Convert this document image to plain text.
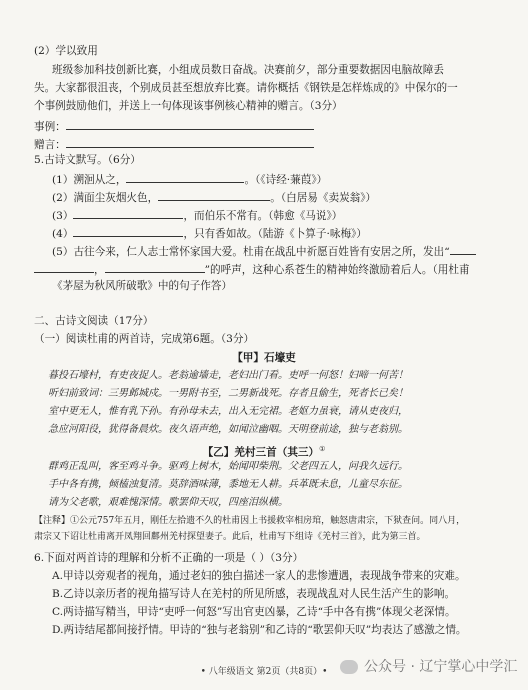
(2）学以致用
班级参加科技创新比赛，小组成员数日奋战。决赛前夕，部分重要数据因电脑故障丢
失。大家都很沮丧，个别成员甚至想放弃比赛。请你概括《钢铁是怎样炼成的》中保尔的一
个事例鼓励他们，并送上一句体现该事例核心精神的赠言。（3分）
事例：
赠言：
5.古诗文默写。（6分）
(1）溯洄从之，	。（《诗经·蒹葭》）
(2）满面尘灰烟火色，	。（白居易《卖炭翁》）
(3）	，而伯乐不常有。（韩愈《马说》）
(4）	，只有香如故。（陆游《卜算子·咏梅》）
(5）古往今来，仁人志士常怀家国大爱。杜甫在战乱中祈愿百姓皆有安居之所，发出“
，	”的呼声，这种心系苍生的精神始终激励着后人。（用杜甫
《茅屋为秋风所破歌》中的句子作答）
二、古诗文阅读（17分）
（一）阅读杜甫的两首诗，完成第6题。（3分）
【甲】石壕吏
暮投石壕村，有吏夜捉人。老翁逾墙走，老妇出门看。吏呼一何怒！妇啼一何苦！
听妇前致词：三男邺城戍。一男附书至，二男新战死。存者且偷生，死者长已矣！
室中更无人，惟有乳下孙。有孙母未去，出入无完裙。老妪力虽衰，请从吏夜归，
急应河阳役，犹得备晨炊。夜久语声绝，如闻泣幽咽。天明登前途，独与老翁别。
【乙】羌村三首（其三）①
群鸡正乱叫，客至鸡斗争。驱鸡上树木，始闻叩柴荆。父老四五人，问我久远行。
手中各有携，倾榼浊复清。莫辞酒味薄，黍地无人耕。兵革既未息，儿童尽东征。
请为父老歌，艰难愧深情。歌罢仰天叹，四座泪纵横。
【注释】①公元757年五月，刚任左拾遗不久的杜甫因上书援救宰相房琯，触怒唐肃宗，下狱查问。同八月，
肃宗又下诏让杜甫离开凤翔回鄜州羌村探望妻子。此后，杜甫写下组诗《羌村三首》，此为第三首。
6.下面对两首诗的理解和分析不正确的一项是（ ）（3分）
A.甲诗以旁观者的视角，通过老妇的独白描述一家人的悲惨遭遇，表现战争带来的灾难。
B.乙诗以亲历者的视角描写诗人在羌村的所见所感，表现战乱对人民生活产生的影响。
C.两诗描写精当，甲诗“吏呼一何怒”写出官吏凶暴，乙诗“手中各有携”体现父老深情。
D.两诗结尾都间接抒情。甲诗的“独与老翁别”和乙诗的“歌罢仰天叹”均表达了感激之情。
• 八年级语文 第2页（共8页）•	公众号 · 辽宁掌心中学汇
